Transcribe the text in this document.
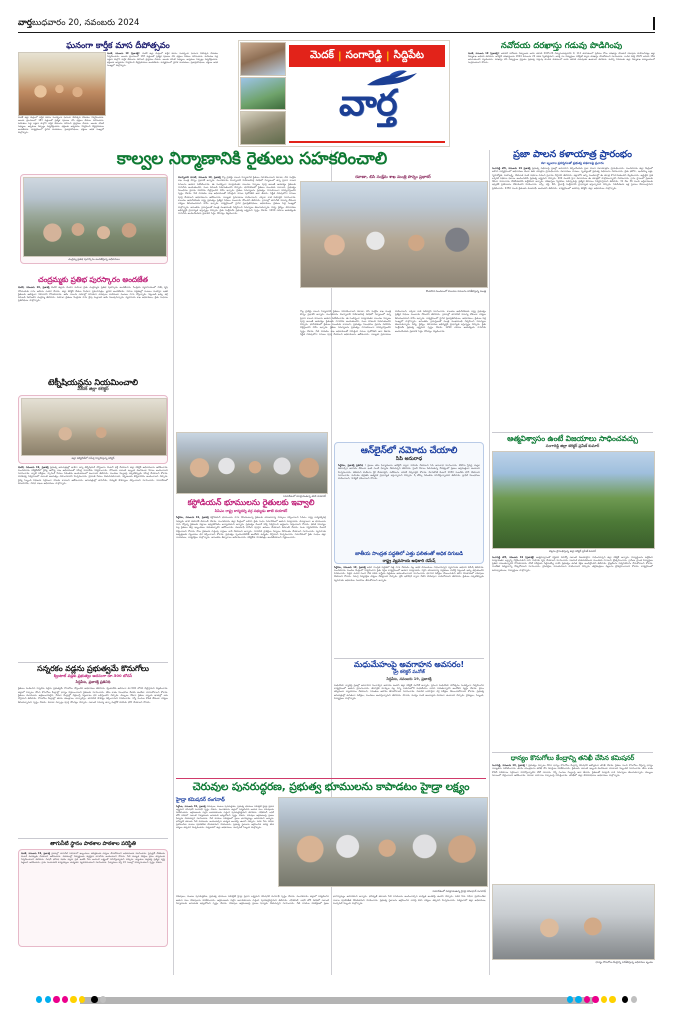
వార్తబుధవారం 20, నవంబరు 2024
మెదక్ | సంగారెడ్డి | సిద్దిపేట
వార్త
ఘనంగా కార్తీక మాస దీపోత్సవం
మెదక్, నవంబరు 19 (ప్రజాశక్తి): మెదక్ జిల్లా కేంద్రంలో కార్తీక మాసం సందర్భంగా ఘనంగా దీపోత్సవ వేడుకలు నిర్వహించారు. ఆలయ ప్రాంగణంలో 183 వత్తులతో ప్రత్యేక పూజలు చేసి భక్తులు దీపాలు వెలిగించారు. మహిళలు పెద్ద ఎత్తున పాల్గొని కార్తీక దీపాలను వెలిగించి ప్రార్థనలు చేశారు. ఆలయ కమిటీ సభ్యులు, అర్చకులు ఏర్పాట్లు పర్యవేక్షించారు. భక్తులకు అన్నదానం నిర్వహించి తీర్థప్రసాదాలు అందజేశారు. కార్యక్రమంలో స్థానిక నాయకులు, ప్రజాప్రతినిధులు, భక్తులు అధిక సంఖ్యలో పాల్గొన్నారు.
మెదక్ జిల్లా కేంద్రంలో కార్తీక మాసం సందర్భంగా ఘనంగా దీపోత్సవ వేడుకలు నిర్వహించారు. ఆలయ ప్రాంగణంలో 183 వత్తులతో ప్రత్యేక పూజలు చేసి భక్తులు దీపాలు వెలిగించారు. మహిళలు పెద్ద ఎత్తున పాల్గొని కార్తీక దీపాలను వెలిగించి ప్రార్థనలు చేశారు. ఆలయ కమిటీ సభ్యులు, అర్చకులు ఏర్పాట్లు పర్యవేక్షించారు. భక్తులకు అన్నదానం నిర్వహించి తీర్థప్రసాదాలు అందజేశారు. కార్యక్రమంలో స్థానిక నాయకులు, ప్రజాప్రతినిధులు, భక్తులు అధిక సంఖ్యలో పాల్గొన్నారు.
నవోదయ దరఖాస్తు గడువు పొడిగింపు
మెదక్, నవంబరు 19 (ప్రజాశక్తి): జవహర్ నవోదయ విద్యాలయ ఆరవ తరగతి 2025-26 విద్యాసంవత్సరానికి 9, 112 తరగతులలో ప్రవేశాల కోసం దరఖాస్తు చేసుకునే గడువును పొడిగించినట్లు జిల్లా విద్యాశాఖ అధికారి తెలిపారు. ఆన్‌లైన్ దరఖాస్తులను 2024 డిసెంబరు 20 వరకు స్వీకరిస్తామని, ఆసక్తి గల విద్యార్థులు వెబ్‌సైట్ ద్వారా దరఖాస్తు చేసుకోవాలని సూచించారు. ఎంపిక పరీక్ష 2025 జనవరి 18న జరుగుతుందని వెల్లడించారు. దరఖాస్తు చేసే విద్యార్థులు ప్రస్తుతం ప్రభుత్వ గుర్తింపు పొందిన పాఠశాలలో ఐదవ తరగతి చదువుతూ ఉండాలని తెలిపారు. మరిన్ని వివరాలకు జిల్లా విద్యాశాఖ కార్యాలయంలో సంప్రదించాలని కోరారు.
కాల్వల నిర్మాణానికి రైతులు సహకరించాలి
చంద్రమ్మ ప్రతిభ పురస్కారం అందజేస్తున్న అధికారులు
హుస్నాబాద్ రూరల్, నవంబరు 19, ప్రజాశక్తి గొల్ల ప్రాజెక్టు కాలువ నిర్మాణానికి రైతులు సహకరించాలని రవాణా, బిసి సంక్షేమ శాఖ మంత్రి పొన్నం ప్రభాకర్ అన్నారు. మంగళవారం హుస్నాబాద్ నియోజకవర్గ పరిధిలో నిర్మాణంలో ఉన్న ప్రధాన కాలువ పనులను ఆయన పరిశీలించారు. ఈ సందర్భంగా మాట్లాడుతూ కాలువల నిర్మాణం పూర్తి అయితే ఆయకట్టు రైతులకు సాగునీరు అందుతుందని, పంట దిగుబడి పెరుగుతుందని చెప్పారు. భూసేకరణలో రైతులు ముందుకు రావాలని, ప్రభుత్వం నిబంధనల ప్రకారం పరిహారం చెల్లిస్తుందని హామీ ఇచ్చారు. రైతుల సమస్యలను ప్రభుత్వం సానుకూలంగా పరిష్కరిస్తుందని స్పష్టం చేశారు. నీటి పారుదల శాఖ అధికారులతో సమీక్షించి పనుల పురోగతిని ఆరా తీశారు. నిర్ణీత గడువులోగా పనులు పూర్తి చేయాలని అధికారులను ఆదేశించారు. నాణ్యతా ప్రమాణాలు పాటించాలని, ఎక్కడా రాజీ పడవద్దని సూచించారు. కాలువల ఆధునీకరణకు రాష్ట్ర ప్రభుత్వం ప్రత్యేక నిధులు మంజూరు చేసిందని తెలిపారు. గ్రామాల్లో తాగునీటి సమస్య లేకుండా చర్యలు తీసుకుంటామని హామీ ఇచ్చారు. కార్యక్రమంలో స్థానిక ప్రజాప్రతినిధులు, అధికారులు, రైతులు పెద్ద సంఖ్యలో పాల్గొన్నారు. అనంతరం గ్రామస్థులతో మంత్రి ముఖాముఖి నిర్వహించి సమస్యలు తెలుసుకున్నారు. విద్య, వైద్యం, రహదారుల అభివృద్ధికి ప్రాధాన్యత ఇస్తున్నట్లు చెప్పారు. రైతు సంక్షేమమే ప్రభుత్వ లక్ష్యమని స్పష్టం చేశారు. 1290 ఎకరాల ఆయకట్టుకు సాగునీరు అందించేందుకు ప్రణాళిక సిద్ధం చేసినట్లు వెల్లడించారు.
రవాణా, బిసి సంక్షేమ శాఖ మంత్రి పొన్నం ప్రభాకర్
కొండపాక మండలంలో కాలువల పనులను పరిశీలిస్తున్న మంత్రి
గొల్ల ప్రాజెక్టు కాలువ నిర్మాణానికి రైతులు సహకరించాలని రవాణా, బిసి సంక్షేమ శాఖ మంత్రి పొన్నం ప్రభాకర్ అన్నారు. మంగళవారం హుస్నాబాద్ నియోజకవర్గ పరిధిలో నిర్మాణంలో ఉన్న ప్రధాన కాలువ పనులను ఆయన పరిశీలించారు. ఈ సందర్భంగా మాట్లాడుతూ కాలువల నిర్మాణం పూర్తి అయితే ఆయకట్టు రైతులకు సాగునీరు అందుతుందని, పంట దిగుబడి పెరుగుతుందని చెప్పారు. భూసేకరణలో రైతులు ముందుకు రావాలని, ప్రభుత్వం నిబంధనల ప్రకారం పరిహారం చెల్లిస్తుందని హామీ ఇచ్చారు. రైతుల సమస్యలను ప్రభుత్వం సానుకూలంగా పరిష్కరిస్తుందని స్పష్టం చేశారు. నీటి పారుదల శాఖ అధికారులతో సమీక్షించి పనుల పురోగతిని ఆరా తీశారు. నిర్ణీత గడువులోగా పనులు పూర్తి చేయాలని అధికారులను ఆదేశించారు. నాణ్యతా ప్రమాణాలు పాటించాలని, ఎక్కడా రాజీ పడవద్దని సూచించారు. కాలువల ఆధునీకరణకు రాష్ట్ర ప్రభుత్వం ప్రత్యేక నిధులు మంజూరు చేసిందని తెలిపారు. గ్రామాల్లో తాగునీటి సమస్య లేకుండా చర్యలు తీసుకుంటామని హామీ ఇచ్చారు. కార్యక్రమంలో స్థానిక ప్రజాప్రతినిధులు, అధికారులు, రైతులు పెద్ద సంఖ్యలో పాల్గొన్నారు. అనంతరం గ్రామస్థులతో మంత్రి ముఖాముఖి నిర్వహించి సమస్యలు తెలుసుకున్నారు. విద్య, వైద్యం, రహదారుల అభివృద్ధికి ప్రాధాన్యత ఇస్తున్నట్లు చెప్పారు. రైతు సంక్షేమమే ప్రభుత్వ లక్ష్యమని స్పష్టం చేశారు. 1290 ఎకరాల ఆయకట్టుకు సాగునీరు అందించేందుకు ప్రణాళిక సిద్ధం చేసినట్లు వెల్లడించారు.
చంద్రమ్మకు ప్రతిభ పురస్కారం అందజేత
మెదక్, నవంబరు 19, ప్రజాశక్తి మెదక్ జిల్లాకు చెందిన మహిళా రైతు చంద్రమ్మకు ప్రతిభ పురస్కారం అందజేశారు. సేంద్రియ వ్యవసాయంలో విశేష కృషి చేసినందుకు గాను ఆమెను ఎంపిక చేశారు. జిల్లా కలెక్టర్ చేతుల మీదుగా ప్రశంసాపత్రం, జ్ఞాపిక అందజేశారు. సహజ పద్ధతుల్లో పంటలు పండిస్తూ ఇతర రైతులకు ఆదర్శంగా నిలిచారని కొనియాడారు. ఆమె నాలుగు ఎకరాల్లో రసాయన ఎరువులు వాడకుండా పంటలు సాగు చేస్తున్నారు. పెట్టుబడి ఖర్చు తగ్గి దిగుబడి పెరిగిందని చంద్రమ్మ తెలిపారు. మహిళా రైతులు సేంద్రియ సాగు వైపు మళ్లాలని ఆమె పిలుపునిచ్చారు. వ్యవసాయ శాఖ అధికారులు, రైతు సంఘాల ప్రతినిధులు పాల్గొన్నారు.
టెక్నీషియన్లను నియమించాలి
మెదక్ జిల్లా కలెక్టర్
జిల్లా కలెక్టరేట్‌లో సమీక్ష నిర్వహిస్తున్న కలెక్టర్
మెదక్, నవంబరు 19, ప్రజాశక్తి ప్రభుత్వ ఆసుపత్రుల్లో ఖాళీగా ఉన్న టెక్నీషియన్ పోస్టులను వెంటనే భర్తీ చేయాలని జిల్లా కలెక్టర్ అధికారులను ఆదేశించారు. మంగళవారం కలెక్టరేట్‌లో వైద్య ఆరోగ్య శాఖ అధికారులతో సమీక్ష సమావేశం నిర్వహించారు. రోగులకు ఎలాంటి ఇబ్బంది కలగకుండా సేవలు అందించాలని సూచించారు. ల్యాబ్ పరీక్షలు, స్కానింగ్ సేవలు నిరంతరం అందుబాటులో ఉంచాలని తెలిపారు. మందుల నిల్వలపై ఎప్పటికప్పుడు సమీక్ష చేయాలని కోరారు. పారిశుధ్య నిర్వహణలో ఎలాంటి అలసత్వం వహించరాదని హెచ్చరించారు. ప్రసూతి సేవలు మెరుగుపరచాలని, గర్భిణులకు పౌష్టికాహారం అందించాలని చెప్పారు. వైద్య సిబ్బంది విధులకు సక్రమంగా హాజరు కావాలని ఆదేశించారు. ఆసుపత్రుల్లో తాగునీరు, విద్యుత్ సౌకర్యాలు కల్పించాలని సూచించారు. సమావేశంలో డిఎంహెచ్ఓ, వివిధ శాఖల అధికారులు పాల్గొన్నారు.
సన్నరకం వడ్లను ప్రభుత్వమే కొనుగోలు
క్వింటాల్ వడ్లకు ప్రభుత్వం అదనంగా రూ.500 బోనస్
సిద్దిపేట, ప్రజాశక్తి ప్రతినిధి
రైతులు పండించిన సన్నరకం వడ్లను ప్రభుత్వమే కొనుగోలు చేస్తుందని అధికారులు తెలిపారు. క్వింటాల్‌కు అదనంగా రూ.500 బోనస్ చెల్లిస్తామని వెల్లడించారు. జిల్లాలో ఏర్పాటు చేసిన కొనుగోలు కేంద్రాల్లో ధాన్యం విక్రయించాలని రైతులకు సూచించారు. తేమ శాతం నిబంధనల మేరకు ఉండేలా చూసుకోవాలని కోరారు. రైతులు దళారులను ఆశ్రయించవద్దని, నేరుగా కేంద్రాల్లో విక్రయిస్తే గిట్టుబాటు ధర లభిస్తుందని చెప్పారు. డబ్బులు నేరుగా రైతుల బ్యాంకు ఖాతాల్లో జమ చేస్తామని తెలిపారు. కొనుగోలు కేంద్రాల్లో తూకం యంత్రాలు, టార్పాలిన్లు, తాగునీటి సౌకర్యం కల్పించామని వివరించారు. గన్నీ సంచుల కొరత లేకుండా చర్యలు తీసుకున్నామని స్పష్టం చేశారు. రవాణా ఏర్పాట్లు పూర్తి చేసినట్లు చెప్పారు. ఎలాంటి సమస్య ఉన్నా కంట్రోల్ రూమ్‌కు ఫోన్ చేయాలని కోరారు.
తాగునీటి స్థానం పాఠశాల పాఠశాల పరిస్థితి
మెదక్, నవంబరు 19, ప్రజాశక్తి గ్రామాల్లో తాగునీటి సరఫరాలో ఇబ్బందులు తలెత్తకుండా చర్యలు తీసుకోవాలని అధికారులకు సూచించారు. పైపులైన్ లీకేజీలను వెంటనే మరమ్మతు చేయాలని ఆదేశించారు. పాఠశాలల్లో విద్యార్థులకు శుద్ధమైన తాగునీరు అందించాలని కోరారు. నీటి నాణ్యత పరీక్షలు క్రమం తప్పకుండా నిర్వహించాలని తెలిపారు. మిషన్ భగీరథ పథకం ద్వారా ప్రతి ఇంటికీ నీరు అందించే లక్ష్యంతో పనిచేస్తున్నామని చెప్పారు. ట్యాంకుల శుభ్రతపై ప్రత్యేక దృష్టి పెట్టాలని ఆదేశించారు. గ్రామ పంచాయతీ కార్యదర్శులు బాధ్యతగా వ్యవహరించాలని సూచించారు. ఫిర్యాదులు వస్తే 24 గంటల్లో పరిష్కరించాలని స్పష్టం చేశారు.
సమావేశంలో మాట్లాడుతున్న తాటి దయాకర్
కస్టోడియన్ భూములను రైతులకు ఇవ్వాలి
సిపిఎం రాష్ట్ర కార్యదర్శి వర్గ సభ్యుడు తాటి దయాకర్
సిద్దిపేట, నవంబరు 19, ప్రజాశక్తి కస్టోడియన్ భూములను సాగు చేసుకుంటున్న రైతులకు యాజమాన్య హక్కులు కల్పించాలని సిపిఎం రాష్ట్ర కార్యదర్శివర్గ సభ్యుడు తాటి దయాకర్ డిమాండ్ చేశారు. మంగళవారం జిల్లా కేంద్రంలో జరిగిన రైతు సంఘ సమావేశంలో ఆయన మాట్లాడారు. దశాబ్దాలుగా ఆ భూములను సాగు చేస్తున్న రైతులకు పట్టాలు ఇవ్వకపోవడం అన్యాయమని అన్నారు. ప్రభుత్వం వెంటనే సర్వే నిర్వహించి అర్హులను గుర్తించాలని కోరారు. ధరణి సమస్యల వల్ల రైతులు తీవ్ర ఇబ్బందులు పడుతున్నారని ఆరోపించారు. రుణమాఫీ హామీని పూర్తిగా అమలు చేయాలని డిమాండ్ చేశారు. పంట నష్టపరిహారం వెంటనే చెల్లించాలని కోరారు. కౌలు రైతులకు గుర్తింపు కార్డులు జారీ చేయాలని అన్నారు. సాగునీటి ప్రాజెక్టుల నిర్మాణం వేగవంతం చేయాలని సూచించారు. వ్యవసాయ ఉత్పత్తులకు గిట్టుబాటు ధర కల్పించాలని కోరారు. ప్రభుత్వం స్పందించకపోతే ఆందోళన ఉధృతం చేస్తామని హెచ్చరించారు. సమావేశంలో రైతు సంఘం జిల్లా నాయకులు, కార్యకర్తలు పాల్గొన్నారు. అనంతరం తీర్మానాలు ఆమోదించారు. కలెక్టర్‌కు వినతిపత్రం అందజేయాలని నిర్ణయించారు.
ఆన్‌లైన్‌లో నమోదు చేయాలి
సిపి అనురాధ
సిద్దిపేట, ప్రజాశక్తి ప్రతినిధి : ప్రజలు తమ ఫిర్యాదులను ఆన్‌లైన్ ద్వారా నమోదు చేయాలని సిపి అనురాధ సూచించారు. పోలీసు స్టేషన్ల చుట్టూ తిరగాల్సిన అవసరం లేకుండా ఇంటి నుంచే ఫిర్యాదు చేయవచ్చని తెలిపారు. సైబర్ నేరాలు పెరుగుతున్న నేపథ్యంలో ప్రజలు అప్రమత్తంగా ఉండాలని హెచ్చరించారు. తెలియని లింక్‌లను క్లిక్ చేయవద్దని, ఓటీపీలను ఎవరికీ చెప్పవద్దని కోరారు. మోసపోతే వెంటనే 1930 నంబర్‌కు ఫోన్ చేయాలని సూచించారు. మహిళల భద్రతకు అత్యధిక ప్రాధాన్యత ఇస్తున్నామని చెప్పారు. షీ టీమ్స్ నిరంతరం పనిచేస్తున్నాయని తెలిపారు. ట్రాఫిక్ నిబంధనలు పాటించాలని, హెల్మెట్ ధరించాలని కోరారు.
జాతీయ సాంద్రత పద్ధతిలో ఎత్తు ఫలితంతో అధిక దిగుబడి
రాష్ట్ర వ్యవసాయ అధికారి రమేష్
సిద్దిపేట, నవంబరు 19, ప్రజాశక్తి అధిక సాంద్రత పద్ధతిలో పత్తి సాగు చేయడం వల్ల అధిక దిగుబడులు సాధించవచ్చని వ్యవసాయ అధికారి రమేష్ తెలిపారు. మంగళవారం మండల కేంద్రంలో నిర్వహించిన రైతు శిక్షణ కార్యక్రమంలో ఆయన మాట్లాడారు. సరైన యాజమాన్య పద్ధతులు పాటిస్తే పెట్టుబడి ఖర్చు తగ్గుతుందని వివరించారు. విత్తన ఎంపిక నుంచి కోత వరకు శాస్త్రీయ పద్ధతులు అవలంబించాలని సూచించారు. భూసార పరీక్షలు చేయించుకుని తగిన మోతాదులో ఎరువులు వేయాలని కోరారు. సమగ్ర సస్యరక్షణ చర్యలు చేపట్టాలని చెప్పారు. డ్రిప్ ఇరిగేషన్ ద్వారా నీటిని పొదుపుగా వాడుకోవాలని తెలిపారు. రైతులు ఎప్పటికప్పుడు వ్యవసాయ అధికారుల సలహాలు తీసుకోవాలని అన్నారు.
మధుమేహంపై అవగాహన అవసరం!
డ్రై కలెక్టర్ మనోజ్
సిద్దిపేట, నవంబరు 19, ప్రజాశక్తి
మధుమేహ వ్యాధిపై ప్రజల్లో అవగాహన పెంచాల్సిన అవసరం ఉందని జిల్లా కలెక్టర్ మనోజ్ అన్నారు. ప్రపంచ మధుమేహ దినోత్సవం సందర్భంగా నిర్వహించిన కార్యక్రమంలో ఆయన ప్రసంగించారు. జీవనశైలి మార్పుల వల్ల చిన్న వయసులోనే మధుమేహం బారిన పడుతున్నారని ఆందోళన వ్యక్తం చేశారు. క్రమం తప్పకుండా వ్యాయామం చేయాలని, సమతుల ఆహారం తీసుకోవాలని సూచించారు. ఏడాదికి ఒకసారైనా రక్త పరీక్షలు చేయించుకోవాలని కోరారు. ప్రభుత్వ ఆసుపత్రుల్లో ఉచితంగా పరీక్షలు, మందులు అందిస్తున్నామని తెలిపారు. పొగాకు, మద్యం వంటి అలవాట్లకు దూరంగా ఉండాలని చెప్పారు. వైద్యులు, సిబ్బంది, విద్యార్థులు పాల్గొన్నారు.
చెరువుల పునరుద్ధరణ, ప్రభుత్వ భూములను కాపాడటం హైడ్రా లక్ష్యం
హైడ్రా కమిషనర్ రంగనాథ్
సిద్దిపేట, నవంబరు 19, ప్రజాశక్తి చెరువులు, కుంటల పునరుద్ధరణ, ప్రభుత్వ భూముల పరిరక్షణే హైడ్రా ప్రధాన లక్ష్యమని కమిషనర్ రంగనాథ్ స్పష్టం చేశారు. మంగళవారం జిల్లాలో పర్యటించిన ఆయన పలు చెరువులను పరిశీలించారు. ఆక్రమణలకు గురైన జలాశయాలను గుర్తించి పునరుద్ధరిస్తామని తెలిపారు. ఎఫ్‌టిఎల్, బఫర్ జోన్ పరిధిలో ఎలాంటి నిర్మాణాలకు అనుమతి ఇవ్వబోమని స్పష్టం చేశారు. చెరువుల ఆక్రమణలపై ప్రజలు ఫిర్యాదు చేయవచ్చని సూచించారు. నీటి వనరుల పరిరక్షణలో ప్రజల భాగస్వామ్యం అవసరమని అన్నారు. భవిష్యత్ తరాలకు నీటి వనరులను అందించాల్సిన బాధ్యత అందరిపై ఉందని చెప్పారు. వరద నీరు సాఫీగా ప్రవహించేలా నాలాల పూడికతీత చేపడతామని వివరించారు. ప్రభుత్వ స్థలాలను ఆక్రమించిన వారిపై కఠిన చర్యలు తప్పవని హెచ్చరించారు. పర్యటనలో జిల్లా అధికారులు, మున్సిపల్ సిబ్బంది పాల్గొన్నారు.
సమావేశంలో మాట్లాడుతున్న హైడ్రా కమిషనర్ రంగనాథ్
చెరువులు, కుంటల పునరుద్ధరణ, ప్రభుత్వ భూముల పరిరక్షణే హైడ్రా ప్రధాన లక్ష్యమని కమిషనర్ రంగనాథ్ స్పష్టం చేశారు. మంగళవారం జిల్లాలో పర్యటించిన ఆయన పలు చెరువులను పరిశీలించారు. ఆక్రమణలకు గురైన జలాశయాలను గుర్తించి పునరుద్ధరిస్తామని తెలిపారు. ఎఫ్‌టిఎల్, బఫర్ జోన్ పరిధిలో ఎలాంటి నిర్మాణాలకు అనుమతి ఇవ్వబోమని స్పష్టం చేశారు. చెరువుల ఆక్రమణలపై ప్రజలు ఫిర్యాదు చేయవచ్చని సూచించారు. నీటి వనరుల పరిరక్షణలో ప్రజల భాగస్వామ్యం అవసరమని అన్నారు. భవిష్యత్ తరాలకు నీటి వనరులను అందించాల్సిన బాధ్యత అందరిపై ఉందని చెప్పారు. వరద నీరు సాఫీగా ప్రవహించేలా నాలాల పూడికతీత చేపడతామని వివరించారు. ప్రభుత్వ స్థలాలను ఆక్రమించిన వారిపై కఠిన చర్యలు తప్పవని హెచ్చరించారు. పర్యటనలో జిల్లా అధికారులు, మున్సిపల్ సిబ్బంది పాల్గొన్నారు.
ప్రజా పాలన కళాయాత్ర ప్రారంభం
కళా బృందాల ప్రదర్శనలతో ప్రభుత్వ పథకాలపై ప్రచారం
సంగారెడ్డి టౌన్, నవంబరు 19 ప్రజాశక్తి ప్రభుత్వ పథకాలపై ప్రజల్లో అవగాహన కల్పించేందుకు ప్రజా పాలన కళాయాత్రను ప్రారంభించారు. మంగళవారం జిల్లా కేంద్రంలో జరిగిన కార్యక్రమంలో అధికారులు జెండా ఊపి యాత్రను ప్రారంభించారు. కళాకారులు పాటలు, నృత్యాలతో ప్రభుత్వ పథకాలను వివరించారు. రైతు భరోసా, ఇందిరమ్మ ఇళ్లు, గృహజ్యోతి, మహాలక్ష్మి, చేయూత వంటి పథకాల గురించి ప్రచారం చేస్తారని తెలిపారు. జిల్లాలోని అన్ని మండలాల్లో ఈ యాత్ర కొనసాగుతుందని వెల్లడించారు. అర్హులైన ప్రతి ఒక్కరికీ పథకాల ఫలాలు అందించడమే ప్రభుత్వ లక్ష్యమని చెప్పారు. 200 మందికి పైగా కళాకారులు ఈ యాత్రలో పాల్గొంటున్నారని వివరించారు. గ్రామ స్థాయిలో ప్రజలకు నేరుగా సమాచారం చేరవేయడమే ఉద్దేశమని అన్నారు. దరఖాస్తుల స్వీకరణ, పరిష్కారంపై ప్రత్యేక శిబిరాలు నిర్వహిస్తామని తెలిపారు. 31 వేల 36 మంది లబ్ధిదారులకు ఇప్పటికే ప్రయోజనం చేకూరిందని వివరించారు. ఎస్సీ, ఎస్టీ, బీసీ, మైనార్టీ సంక్షేమానికి ప్రాధాన్యత ఇస్తున్నామని చెప్పారు. నిరుపేదలకు ఇళ్ల స్థలాలు కేటాయిస్తామని ప్రకటించారు. 4350 మంది రైతులకు రుణమాఫీ అందిందని తెలిపారు. కార్యక్రమంలో అదనపు కలెక్టర్, జిల్లా అధికారులు పాల్గొన్నారు.
ఆత్మవిశ్వాసం ఉంటే విజయాలు సాధించవచ్చు
సంగారెడ్డి జిల్లా కలెక్టర్ ప్రవీణ్ కుమార్
చెట్లను ప్రారంభిస్తున్న జిల్లా కలెక్టర్ ప్రవీణ్ కుమార్
సంగారెడ్డి టౌన్, నవంబరు 19 (ప్రజాశక్తి) ఆత్మవిశ్వాసంతో కష్టపడి పనిచేస్తే ఎలాంటి విజయాలైనా సాధించవచ్చని జిల్లా కలెక్టర్ అన్నారు. విద్యార్థులను ఉద్దేశించి మాట్లాడుతూ లక్ష్యాన్ని నిర్దేశించుకుని దాని సాధనకు కృషి చేయాలని సూచించారు. ఓటమికి భయపడకుండా ముందుకు సాగాలని ప్రోత్సహించారు. గ్రామీణ ప్రాంత విద్యార్థులు ప్రతిభ చాటుతున్నారని కొనియాడారు. పోటీ పరీక్షలకు సిద్ధమయ్యే వారికి ప్రభుత్వం ఉచిత శిక్షణ అందిస్తోందని తెలిపారు. లైబ్రరీలను సద్వినియోగం చేసుకోవాలని కోరారు. సాంకేతిక పరిజ్ఞానాన్ని నేర్చుకోవాలని సూచించారు. క్రమశిక్షణ, సమయపాలన పాటించాలని చెప్పారు. తల్లిదండ్రులు పిల్లలను ప్రోత్సహించాలని కోరారు. కార్యక్రమంలో ఉపాధ్యాయులు, విద్యార్థులు పాల్గొన్నారు.
ధాన్యం కొనుగోలు కేంద్రాన్ని తనిఖీ చేసిన కమిషనర్
సంగారెడ్డి, నవంబరు 19, ప్రజాశక్తి : ప్రభుత్వం ఏర్పాటు చేసిన ధాన్యం కొనుగోలు కేంద్రాన్ని కమిషనర్ ఆకస్మికంగా తనిఖీ చేశారు. రైతుల నుంచి కొనుగోలు చేస్తున్న ధాన్యం నాణ్యతను పరిశీలించారు. తూకం యంత్రాలను తనిఖీ చేసి రికార్డులు పరిశీలించారు. రైతులకు ఎలాంటి ఇబ్బంది కలగకుండా చూడాలని సిబ్బందికి సూచించారు. తేమ శాతం కొలిచే పరికరాలు సక్రమంగా పనిచేస్తున్నాయో లేదో చూశారు. గన్నీ సంచుల నిల్వలపై ఆరా తీశారు. రైతులతో మాట్లాడి వారి సమస్యలు తెలుసుకున్నారు. డబ్బులు సకాలంలో చెల్లించాలని ఆదేశించారు. రవాణా వాహనాల ఏర్పాటుపై సమీక్షించారు. తనిఖీలో జిల్లా పౌరసరఫరాల అధికారులు పాల్గొన్నారు.
ధాన్యం కొనుగోలు కేంద్రాన్ని పరిశీలిస్తున్న అధికారుల బృందం
